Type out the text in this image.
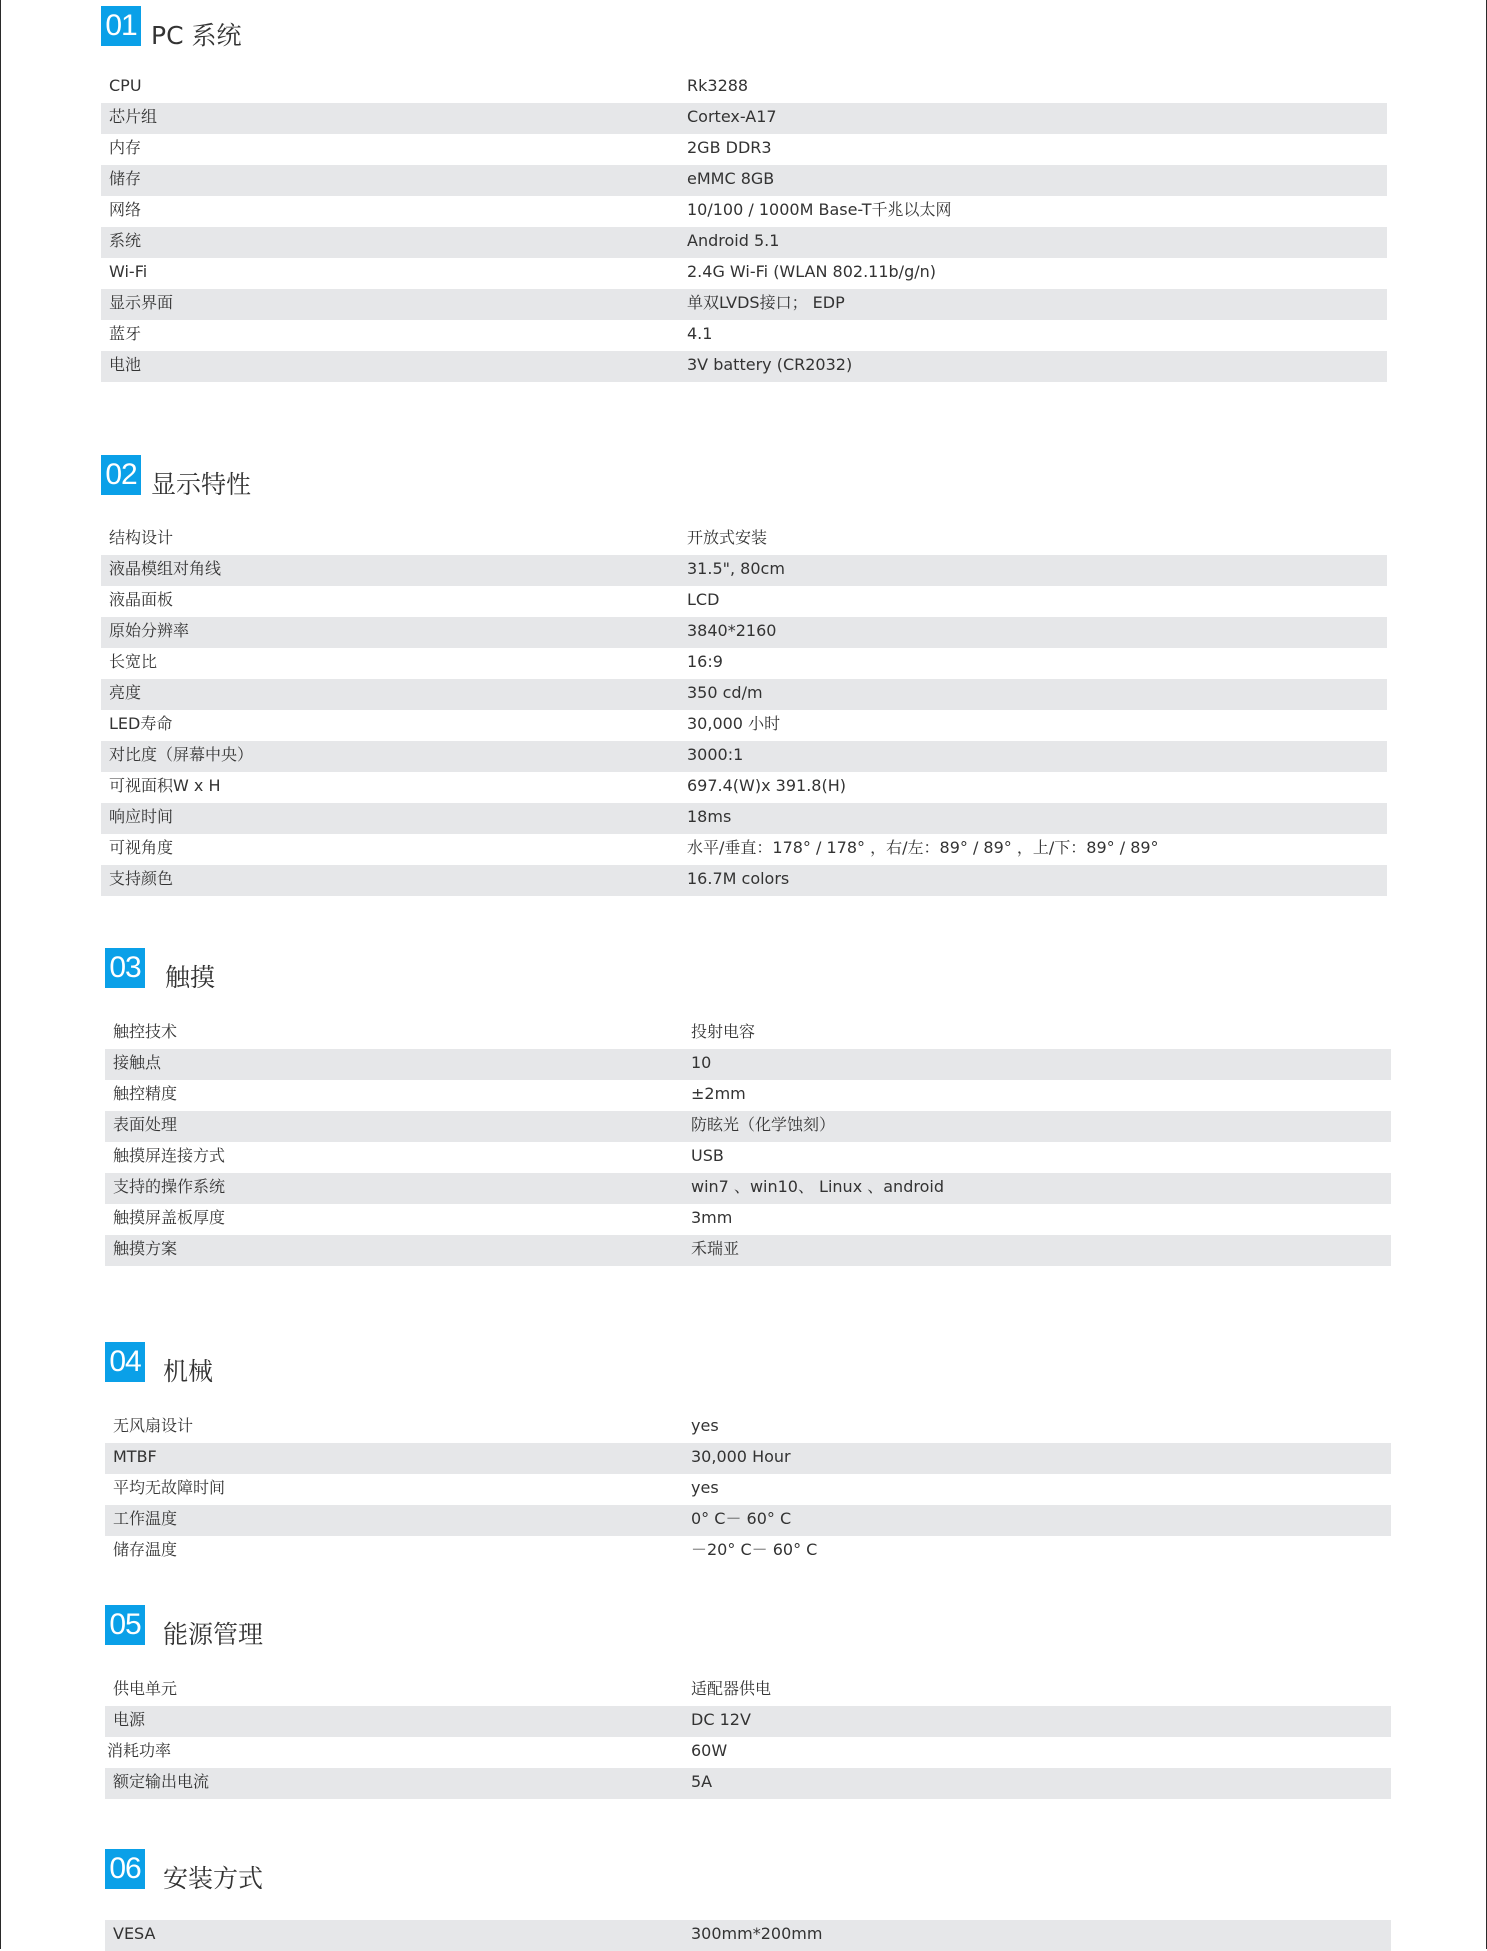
01 PC 系统
CPU	Rk3288
芯片组	Cortex-A17
内存	2GB DDR3
储存	eMMC 8GB
网络	10/100 / 1000M Base-T千兆以太网
系统	Android 5.1
Wi-Fi	2.4G Wi-Fi (WLAN 802.11b/g/n)
显示界面	单双LVDS接口； EDP
蓝牙	4.1
电池	3V battery (CR2032)
02 显示特性
结构设计	开放式安装
液晶模组对角线	31.5", 80cm
液晶面板	LCD
原始分辨率	3840*2160
长宽比	16:9
亮度	350 cd/m
LED寿命	30,000 小时
对比度（屏幕中央）	3000:1
可视面积W x H	697.4(W)x 391.8(H)
响应时间	18ms
可视角度	水平/垂直：178° / 178° ，右/左：89° / 89° ，上/下：89° / 89°
支持颜色	16.7M colors
03 触摸
触控技术	投射电容
接触点	10
触控精度	±2mm
表面处理	防眩光（化学蚀刻）
触摸屏连接方式	USB
支持的操作系统	win7 、win10、 Linux 、android
触摸屏盖板厚度	3mm
触摸方案	禾瑞亚
04 机械
无风扇设计	yes
MTBF	30,000 Hour
平均无故障时间	yes
工作温度	0° C－ 60° C
储存温度	－20° C－ 60° C
05 能源管理
供电单元	适配器供电
电源	DC 12V
消耗功率	60W
额定输出电流	5A
06 安装方式
VESA	300mm*200mm
